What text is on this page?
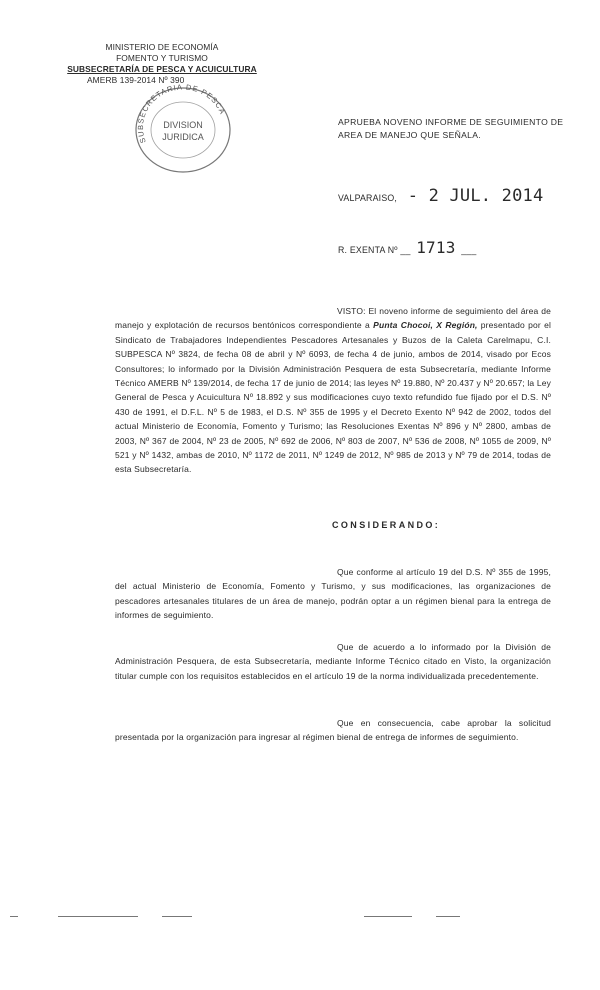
MINISTERIO DE ECONOMÍA
FOMENTO Y TURISMO
SUBSECRETARÍA DE PESCA Y ACUICULTURA
AMERB 139-2014 Nº 390
SUBSECRETARIA DE PESCA
DIVISION
JURIDICA
APRUEBA NOVENO INFORME DE SEGUIMIENTO DE AREA DE MANEJO QUE SEÑALA.
VALPARAISO, - 2 JUL. 2014
R. EXENTA Nº __ 1713 ___
VISTO: El noveno informe de seguimiento del área de manejo y explotación de recursos bentónicos correspondiente a Punta Chocoi, X Región, presentado por el Sindicato de Trabajadores Independientes Pescadores Artesanales y Buzos de la Caleta Carelmapu, C.I. SUBPESCA Nº 3824, de fecha 08 de abril y Nº 6093, de fecha 4 de junio, ambos de 2014, visado por Ecos Consultores; lo informado por la División Administración Pesquera de esta Subsecretaría, mediante Informe Técnico AMERB Nº 139/2014, de fecha 17 de junio de 2014; las leyes Nº 19.880, Nº 20.437 y Nº 20.657; la Ley General de Pesca y Acuicultura Nº 18.892 y sus modificaciones cuyo texto refundido fue fijado por el D.S. Nº 430 de 1991, el D.F.L. Nº 5 de 1983, el D.S. Nº 355 de 1995 y el Decreto Exento Nº 942 de 2002, todos del actual Ministerio de Economía, Fomento y Turismo; las Resoluciones Exentas Nº 896 y Nº 2800, ambas de 2003, Nº 367 de 2004, Nº 23 de 2005, Nº 692 de 2006, Nº 803 de 2007, Nº 536 de 2008, Nº 1055 de 2009, Nº 521 y Nº 1432, ambas de 2010, Nº 1172 de 2011, Nº 1249 de 2012, Nº 985 de 2013 y Nº 79 de 2014, todas de esta Subsecretaría.
CONSIDERANDO:
Que conforme al artículo 19 del D.S. Nº 355 de 1995, del actual Ministerio de Economía, Fomento y Turismo, y sus modificaciones, las organizaciones de pescadores artesanales titulares de un área de manejo, podrán optar a un régimen bienal para la entrega de informes de seguimiento.
Que de acuerdo a lo informado por la División de Administración Pesquera, de esta Subsecretaría, mediante Informe Técnico citado en Visto, la organización titular cumple con los requisitos establecidos en el artículo 19 de la norma individualizada precedentemente.
Que en consecuencia, cabe aprobar la solicitud presentada por la organización para ingresar al régimen bienal de entrega de informes de seguimiento.
